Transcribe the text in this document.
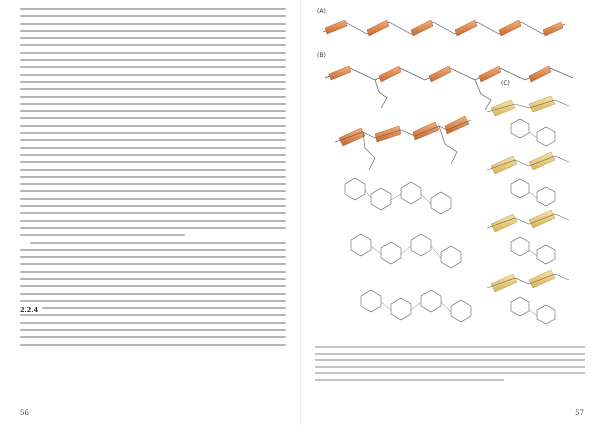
2.2.4
56
(A)
(B)
(C)
57
